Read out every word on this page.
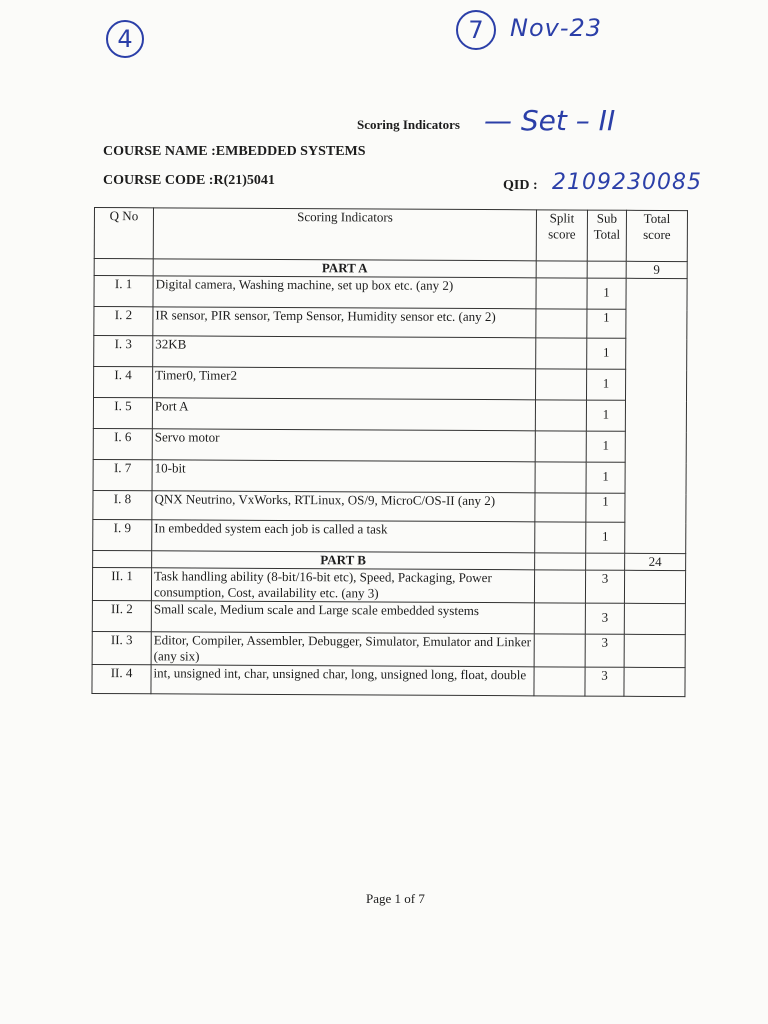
4	7	Nov-23
— Set – II
Scoring Indicators
COURSE NAME :EMBEDDED SYSTEMS
COURSE CODE :R(21)5041	QID : 2109230085
Q No	Scoring Indicators	Split score	Sub Total	Total score
	PART A			9
I. 1	Digital camera, Washing machine, set up box etc. (any 2)		1	
I. 2	IR sensor, PIR sensor, Temp Sensor, Humidity sensor etc. (any 2)		1	
I. 3	32KB		1	
I. 4	Timer0, Timer2		1	
I. 5	Port A		1	
I. 6	Servo motor		1	
I. 7	10-bit		1	
I. 8	QNX Neutrino, VxWorks, RTLinux, OS/9, MicroC/OS-II (any 2)		1	
I. 9	In embedded system each job is called a task		1	
	PART B			24
II. 1	Task handling ability (8-bit/16-bit etc), Speed, Packaging, Power consumption, Cost, availability etc. (any 3)		3	
II. 2	Small scale, Medium scale and Large scale embedded systems		3	
II. 3	Editor, Compiler, Assembler, Debugger, Simulator, Emulator and Linker (any six)		3	
II. 4	int, unsigned int, char, unsigned char, long, unsigned long, float, double		3	
Page 1 of 7
